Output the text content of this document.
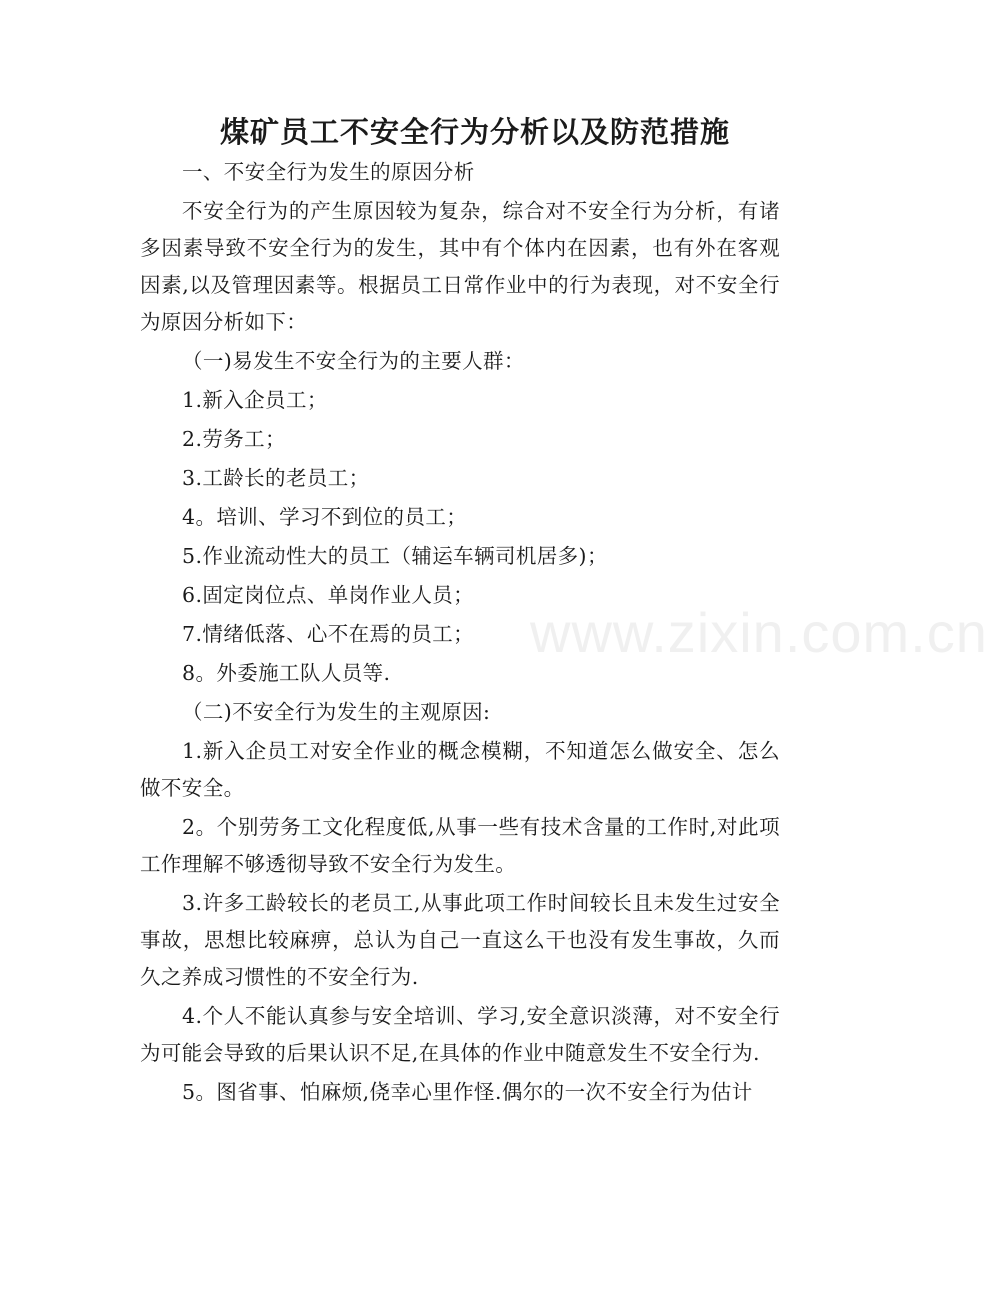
煤矿员工不安全行为分析以及防范措施
一、不安全行为发生的原因分析
不安全行为的产生原因较为复杂，综合对不安全行为分析，有诸多因素导致不安全行为的发生，其中有个体内在因素，也有外在客观因素,以及管理因素等。根据员工日常作业中的行为表现，对不安全行为原因分析如下：
（一)易发生不安全行为的主要人群：
1.新入企员工；
2.劳务工；
3.工龄长的老员工；
4。培训、学习不到位的员工；
5.作业流动性大的员工（辅运车辆司机居多)；
6.固定岗位点、单岗作业人员；
7.情绪低落、心不在焉的员工；
8。外委施工队人员等.
（二)不安全行为发生的主观原因:
1.新入企员工对安全作业的概念模糊，不知道怎么做安全、怎么做不安全。
2。个别劳务工文化程度低,从事一些有技术含量的工作时,对此项工作理解不够透彻导致不安全行为发生。
3.许多工龄较长的老员工,从事此项工作时间较长且未发生过安全事故，思想比较麻痹，总认为自己一直这么干也没有发生事故，久而久之养成习惯性的不安全行为.
4.个人不能认真参与安全培训、学习,安全意识淡薄，对不安全行为可能会导致的后果认识不足,在具体的作业中随意发生不安全行为.
5。图省事、怕麻烦,侥幸心里作怪.偶尔的一次不安全行为估计
www.zixin.com.cn
